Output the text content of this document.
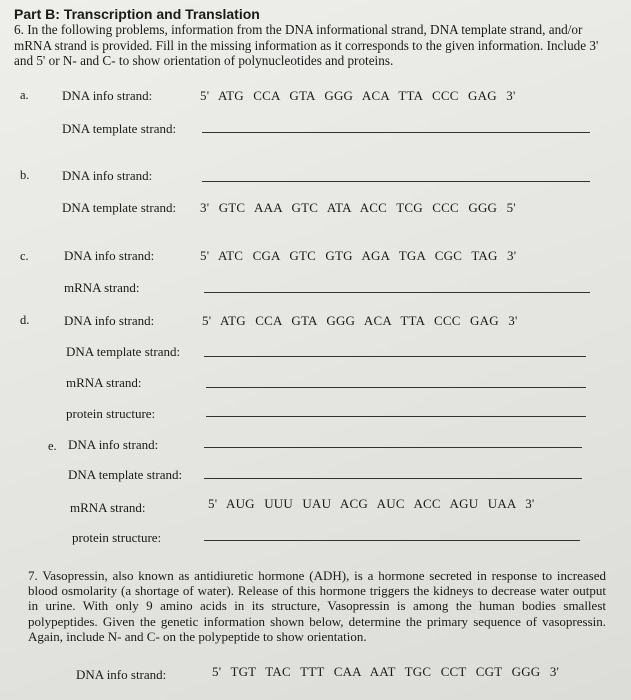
Part B: Transcription and Translation
6. In the following problems, information from the DNA informational strand, DNA template strand, and/or mRNA strand is provided. Fill in the missing information as it corresponds to the given information. Include 3' and 5' or N- and C- to show orientation of polynucleotides and proteins.
a.	DNA info strand:	5' ATG CCA GTA GGG ACA TTA CCC GAG 3'
DNA template strand:
b.	DNA info strand:
DNA template strand: 3' GTC AAA GTC ATA ACC TCG CCC GGG 5'
c.	DNA info strand:	5' ATC CGA GTC GTG AGA TGA CGC TAG 3'
mRNA strand:
d.	DNA info strand:	5' ATG CCA GTA GGG ACA TTA CCC GAG 3'
DNA template strand:
mRNA strand:
protein structure:
e. DNA info strand:
DNA template strand:
mRNA strand:	5' AUG UUU UAU ACG AUC ACC AGU UAA 3'
protein structure:
7. Vasopressin, also known as antidiuretic hormone (ADH), is a hormone secreted in response to increased blood osmolarity (a shortage of water). Release of this hormone triggers the kidneys to decrease water output in urine. With only 9 amino acids in its structure, Vasopressin is among the human bodies smallest polypeptides. Given the genetic information shown below, determine the primary sequence of vasopressin. Again, include N- and C- on the polypeptide to show orientation.
DNA info strand:	5' TGT TAC TTT CAA AAT TGC CCT CGT GGG 3'
